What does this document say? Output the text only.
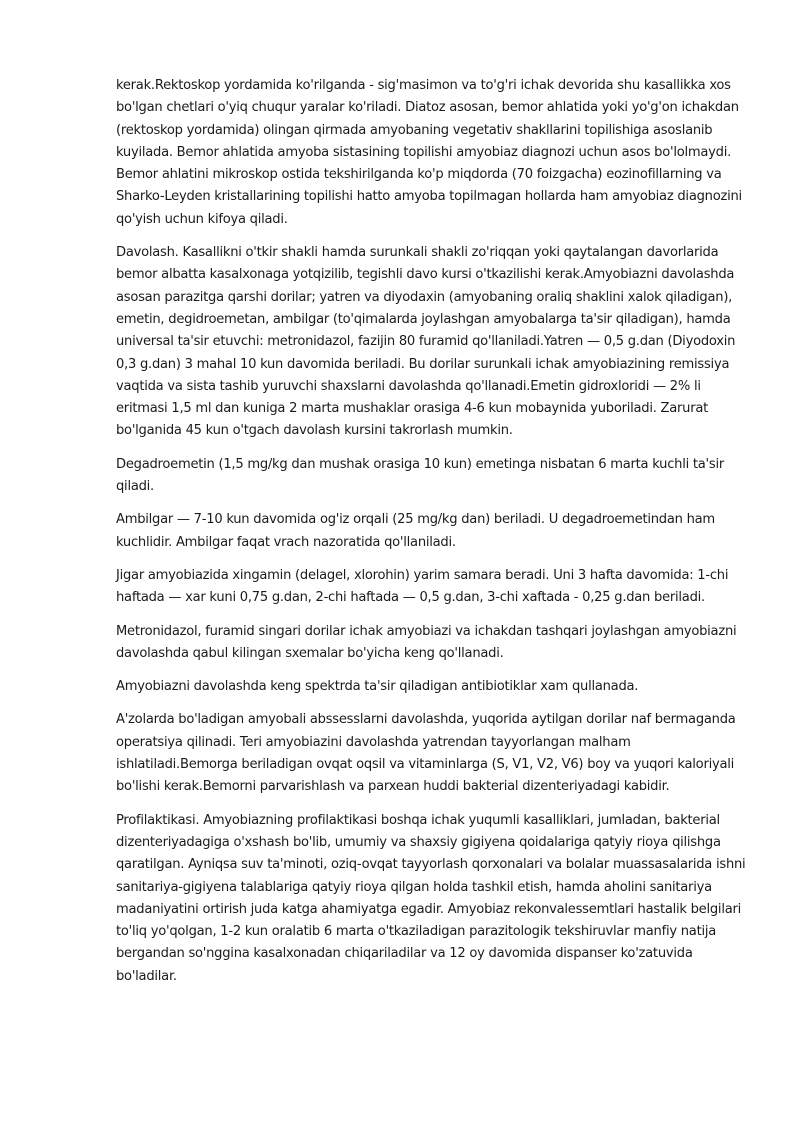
kerak.Rektoskop yordamida ko'rilganda - sig'masimon va to'g'ri ichak devorida shu kasallikka xos bo'lgan chetlari o'yiq chuqur yaralar ko'riladi. Diatoz asosan, bemor ahlatida yoki yo'g'on ichakdan (rektoskop yordamida) olingan qirmada amyobaning vegetativ shakllarini topilishiga asoslanib kuyilada. Bemor ahlatida amyoba sistasining topilishi amyobiaz diagnozi uchun asos bo'lolmaydi. Bemor ahlatini mikroskop ostida tekshirilganda ko'p miqdorda (70 foizgacha) eozinofillarning va Sharko-Leyden kristallarining topilishi hatto amyoba topilmagan hollarda ham amyobiaz diagnozini qo'yish uchun kifoya qiladi.

Davolash. Kasallikni o'tkir shakli hamda surunkali shakli zo'riqqan yoki qaytalangan davorlarida bemor albatta kasalxonaga yotqizilib, tegishli davo kursi o'tkazilishi kerak.Amyobiazni davolashda asosan parazitga qarshi dorilar; yatren va diyodaxin (amyobaning oraliq shaklini xalok qiladigan), emetin, degidroemetan, ambilgar (to'qimalarda joylashgan amyobalarga ta'sir qiladigan), hamda universal ta'sir etuvchi: metronidazol, fazijin 80 furamid qo'llaniladi.Yatren — 0,5 g.dan (Diyodoxin 0,3 g.dan) 3 mahal 10 kun davomida beriladi. Bu dorilar surunkali ichak amyobiazining remissiya vaqtida va sista tashib yuruvchi shaxslarni davolashda qo'llanadi.Emetin gidroxloridi — 2% li eritmasi 1,5 ml dan kuniga 2 marta mushaklar orasiga 4-6 kun mobaynida yuboriladi. Zarurat bo'lganida 45 kun o'tgach davolash kursini takrorlash mumkin.

Degadroemetin (1,5 mg/kg dan mushak orasiga 10 kun) emetinga nisbatan 6 marta kuchli ta'sir qiladi.

Ambilgar — 7-10 kun davomida og'iz orqali (25 mg/kg dan) beriladi. U degadroemetindan ham kuchlidir. Ambilgar faqat vrach nazoratida qo'llaniladi.

Jigar amyobiazida xingamin (delagel, xlorohin) yarim samara beradi. Uni 3 hafta davomida: 1-chi haftada — xar kuni 0,75 g.dan, 2-chi haftada — 0,5 g.dan, 3-chi xaftada - 0,25 g.dan beriladi.

Metronidazol, furamid singari dorilar ichak amyobiazi va ichakdan tashqari joylashgan amyobiazni davolashda qabul kilingan sxemalar bo'yicha keng qo'llanadi.

Amyobiazni davolashda keng spektrda ta'sir qiladigan antibiotiklar xam qullanada.

A'zolarda bo'ladigan amyobali abssesslarni davolashda, yuqorida aytilgan dorilar naf bermaganda operatsiya qilinadi. Teri amyobiazini davolashda yatrendan tayyorlangan malham ishlatiladi.Bemorga beriladigan ovqat oqsil va vitaminlarga (S, V1, V2, V6) boy va yuqori kaloriyali bo'lishi kerak.Bemorni parvarishlash va parxean huddi bakterial dizenteriyadagi kabidir.

Profilaktikasi. Amyobiazning profilaktikasi boshqa ichak yuqumli kasalliklari, jumladan, bakterial dizenteriyadagiga o'xshash bo'lib, umumiy va shaxsiy gigiyena qoidalariga qatyiy rioya qilishga qaratilgan. Ayniqsa suv ta'minoti, oziq-ovqat tayyorlash qorxonalari va bolalar muassasalarida ishni sanitariya-gigiyena talablariga qatyiy rioya qilgan holda tashkil etish, hamda aholini sanitariya madaniyatini ortirish juda katga ahamiyatga egadir. Amyobiaz rekonvalessemtlari hastalik belgilari to'liq yo'qolgan, 1-2 kun oralatib 6 marta o'tkaziladigan parazitologik tekshiruvlar manfiy natija bergandan so'nggina kasalxonadan chiqariladilar va 12 oy davomida dispanser ko'zatuvida bo'ladilar.
